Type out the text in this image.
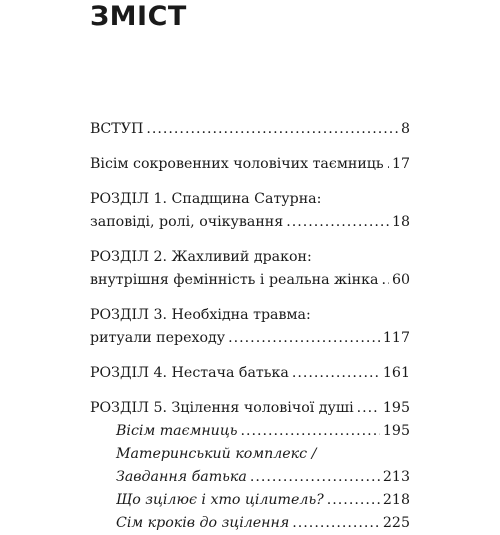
ЗМІСТ
ВСТУП .....	8
Вісім сокровенних чоловічих таємниць ..... 17
РОЗДІЛ 1. Спадщина Сатурна:
заповіді, ролі, очікування .....	18
РОЗДІЛ 2. Жахливий дракон:
внутрішня фемінність і реальна жінка ..... 60
РОЗДІЛ 3. Необхідна травма:
ритуали переходу .....	117
РОЗДІЛ 4. Нестача батька .....	161
РОЗДІЛ 5. Зцілення чоловічої душі ..... 195
Вісім таємниць .....	195
Материнський комплекс /
Завдання батька .....	213
Що зцілює і хто цілитель? .....	218
Сім кроків до зцілення .....	225
